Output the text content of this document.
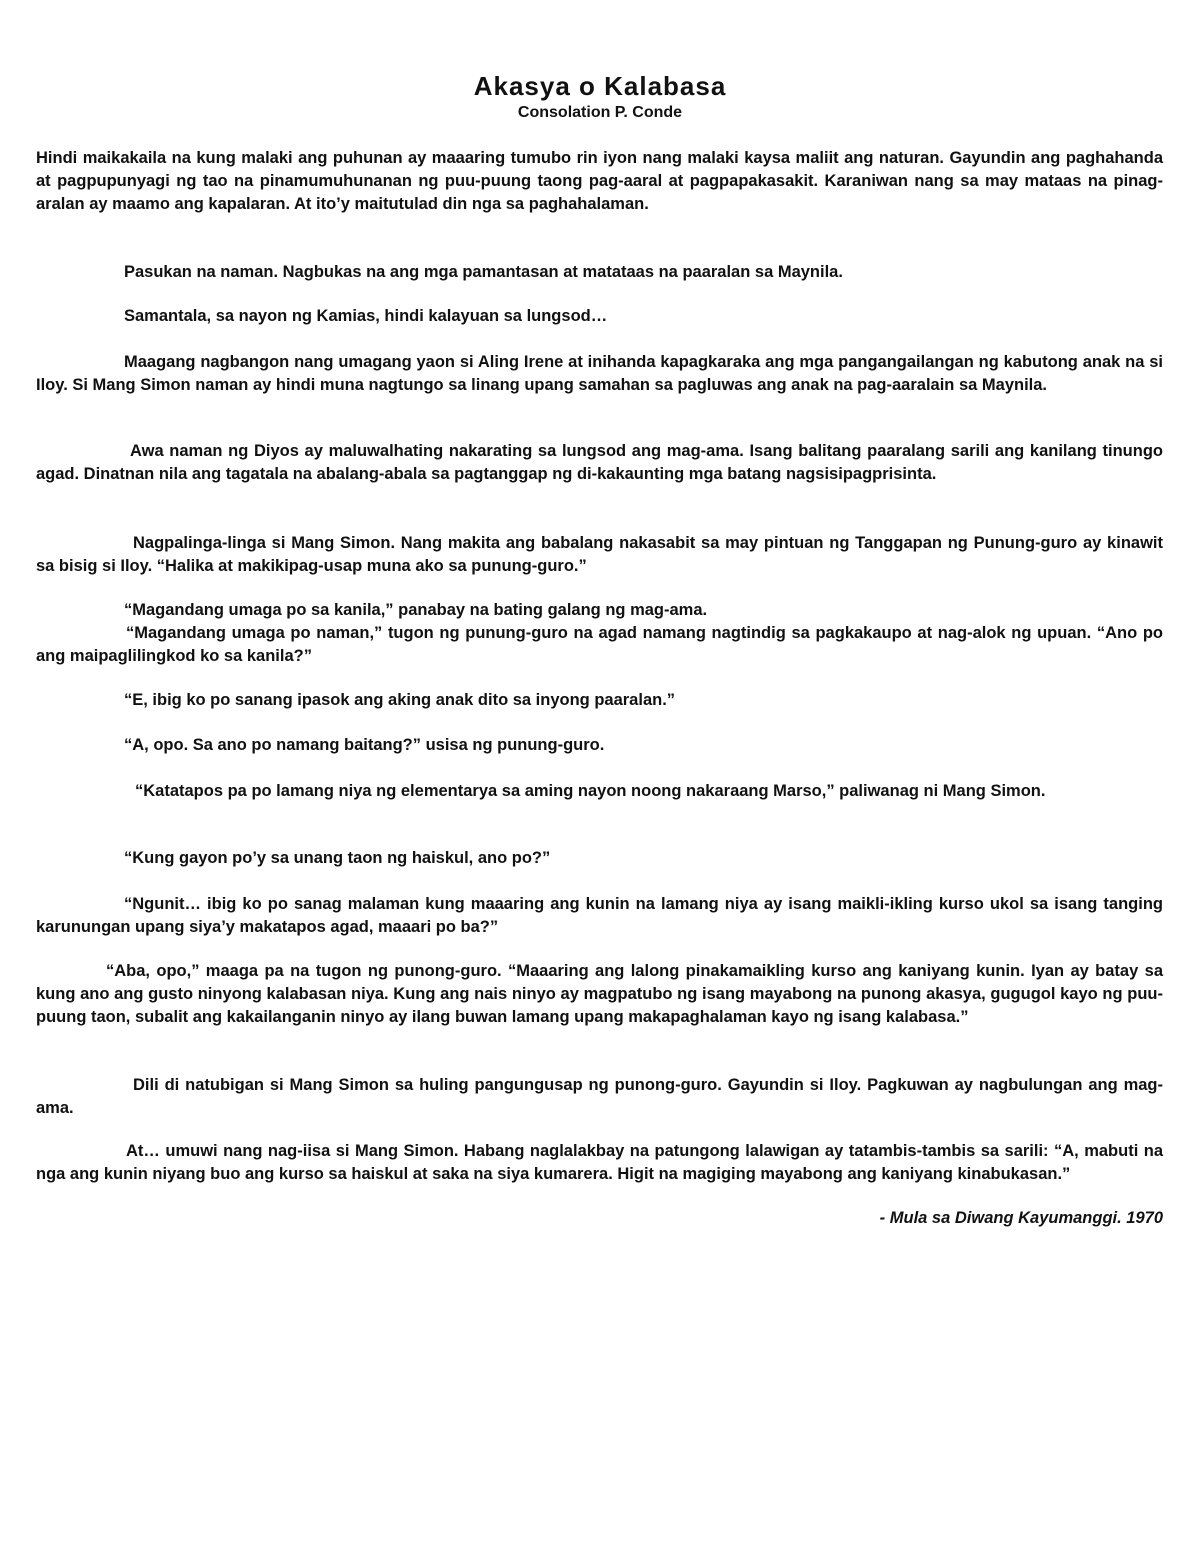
Akasya o Kalabasa
Consolation P. Conde

Hindi maikakaila na kung malaki ang puhunan ay maaaring tumubo rin iyon nang malaki kaysa maliit ang naturan. Gayundin ang paghahanda at pagpupunyagi ng tao na pinamumuhunanan ng puu-puung taong pag-aaral at pagpapakasakit. Karaniwan nang sa may mataas na pinag-aralan ay maamo ang kapalaran. At ito’y maitutulad din nga sa paghahalaman.

Pasukan na naman. Nagbukas na ang mga pamantasan at matataas na paaralan sa Maynila.

Samantala, sa nayon ng Kamias, hindi kalayuan sa lungsod…

Maagang nagbangon nang umagang yaon si Aling Irene at inihanda kapagkaraka ang mga pangangailangan ng kabutong anak na si Iloy. Si Mang Simon naman ay hindi muna nagtungo sa linang upang samahan sa pagluwas ang anak na pag-aaralain sa Maynila.

Awa naman ng Diyos ay maluwalhating nakarating sa lungsod ang mag-ama. Isang balitang paaralang sarili ang kanilang tinungo agad. Dinatnan nila ang tagatala na abalang-abala sa pagtanggap ng di-kakaunting mga batang nagsisipagprisinta.

Nagpalinga-linga si Mang Simon. Nang makita ang babalang nakasabit sa may pintuan ng Tanggapan ng Punung-guro ay kinawit sa bisig si Iloy. “Halika at makikipag-usap muna ako sa punung-guro.”

“Magandang umaga po sa kanila,” panabay na bating galang ng mag-ama.

“Magandang umaga po naman,” tugon ng punung-guro na agad namang nagtindig sa pagkakaupo at nag-alok ng upuan. “Ano po ang maipaglilingkod ko sa kanila?”

“E, ibig ko po sanang ipasok ang aking anak dito sa inyong paaralan.”

“A, opo. Sa ano po namang baitang?” usisa ng punung-guro.

“Katatapos pa po lamang niya ng elementarya sa aming nayon noong nakaraang Marso,” paliwanag ni Mang Simon.

“Kung gayon po’y sa unang taon ng haiskul, ano po?”

“Ngunit… ibig ko po sanag malaman kung maaaring ang kunin na lamang niya ay isang maikli-ikling kurso ukol sa isang tanging karunungan upang siya’y makatapos agad, maaari po ba?”

“Aba, opo,” maaga pa na tugon ng punong-guro. “Maaaring ang lalong pinakamaikling kurso ang kaniyang kunin. Iyan ay batay sa kung ano ang gusto ninyong kalabasan niya. Kung ang nais ninyo ay magpatubo ng isang mayabong na punong akasya, gugugol kayo ng puu-puung taon, subalit ang kakailanganin ninyo ay ilang buwan lamang upang makapaghalaman kayo ng isang kalabasa.”

Dili di natubigan si Mang Simon sa huling pangungusap ng punong-guro. Gayundin si Iloy. Pagkuwan ay nagbulungan ang mag-ama.

At… umuwi nang nag-iisa si Mang Simon. Habang naglalakbay na patungong lalawigan ay tatambis-tambis sa sarili: “A, mabuti na nga ang kunin niyang buo ang kurso sa haiskul at saka na siya kumarera. Higit na magiging mayabong ang kaniyang kinabukasan.”

- Mula sa Diwang Kayumanggi. 1970
